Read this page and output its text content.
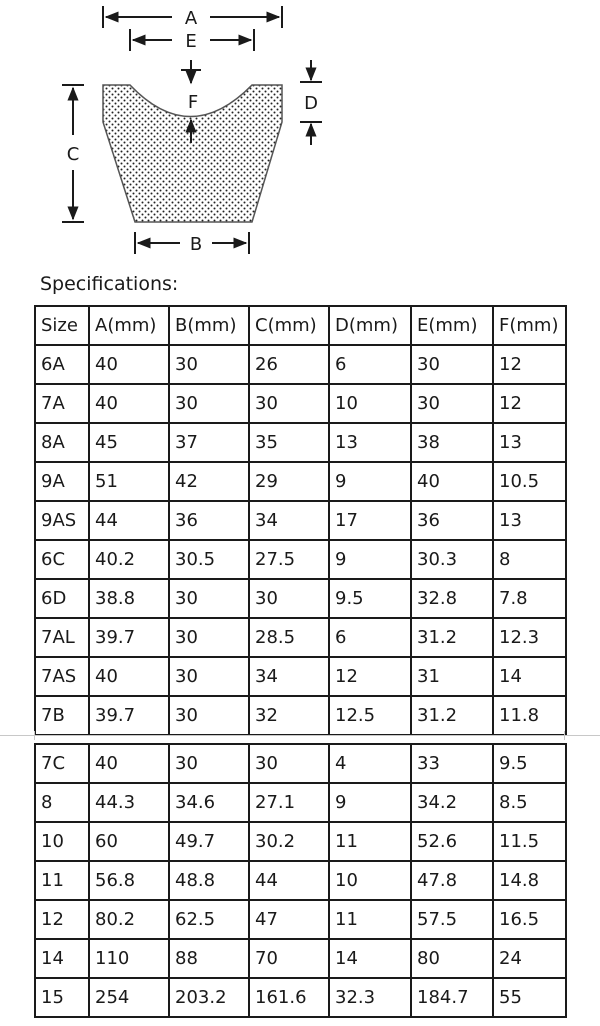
A
E
F	D
C
B
Specifications:
Size	A(mm)	B(mm)	C(mm)	D(mm)	E(mm)	F(mm)
6A	40	30	26	6	30	12
7A	40	30	30	10	30	12
8A	45	37	35	13	38	13
9A	51	42	29	9	40	10.5
9AS	44	36	34	17	36	13
6C	40.2	30.5	27.5	9	30.3	8
6D	38.8	30	30	9.5	32.8	7.8
7AL	39.7	30	28.5	6	31.2	12.3
7AS	40	30	34	12	31	14
7B	39.7	30	32	12.5	31.2	11.8
7C	40	30	30	4	33	9.5
8	44.3	34.6	27.1	9	34.2	8.5
10	60	49.7	30.2	11	52.6	11.5
11	56.8	48.8	44	10	47.8	14.8
12	80.2	62.5	47	11	57.5	16.5
14	110	88	70	14	80	24
15	254	203.2	161.6	32.3	184.7	55
